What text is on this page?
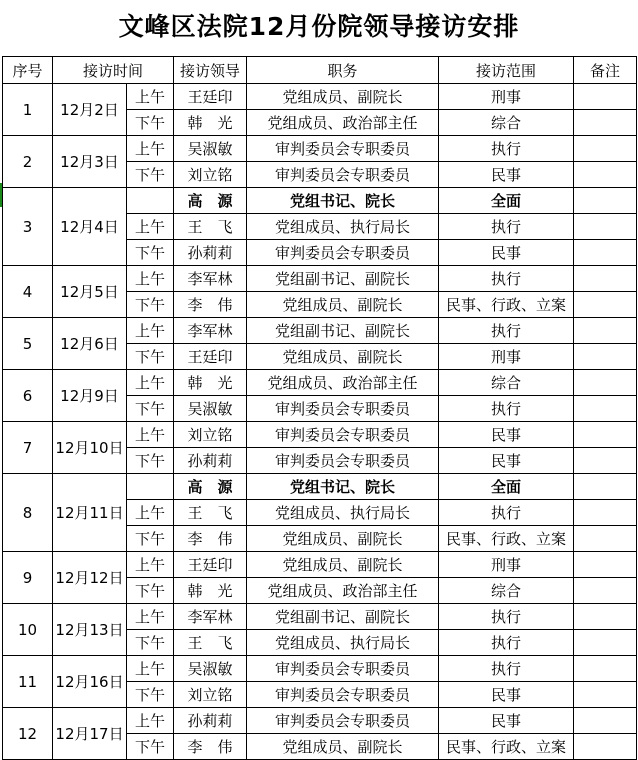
文峰区法院12月份院领导接访安排
序号	接访时间		接访领导	职务	接访范围	备注
1	12月2日	上午	王廷印	党组成员、副院长	刑事	
		下午	韩　光	党组成员、政治部主任	综合	
2	12月3日	上午	吴淑敏	审判委员会专职委员	执行	
		下午	刘立铭	审判委员会专职委员	民事	
3	12月4日		高　源	党组书记、院长	全面	
		上午	王　飞	党组成员、执行局长	执行	
		下午	孙莉莉	审判委员会专职委员	民事	
4	12月5日	上午	李军林	党组副书记、副院长	执行	
		下午	李　伟	党组成员、副院长	民事、行政、立案	
5	12月6日	上午	李军林	党组副书记、副院长	执行	
		下午	王廷印	党组成员、副院长	刑事	
6	12月9日	上午	韩　光	党组成员、政治部主任	综合	
		下午	吴淑敏	审判委员会专职委员	执行	
7	12月10日	上午	刘立铭	审判委员会专职委员	民事	
		下午	孙莉莉	审判委员会专职委员	民事	
8	12月11日		高　源	党组书记、院长	全面	
		上午	王　飞	党组成员、执行局长	执行	
		下午	李　伟	党组成员、副院长	民事、行政、立案	
9	12月12日	上午	王廷印	党组成员、副院长	刑事	
		下午	韩　光	党组成员、政治部主任	综合	
10	12月13日	上午	李军林	党组副书记、副院长	执行	
		下午	王　飞	党组成员、执行局长	执行	
11	12月16日	上午	吴淑敏	审判委员会专职委员	执行	
		下午	刘立铭	审判委员会专职委员	民事	
12	12月17日	上午	孙莉莉	审判委员会专职委员	民事	
		下午	李　伟	党组成员、副院长	民事、行政、立案	
